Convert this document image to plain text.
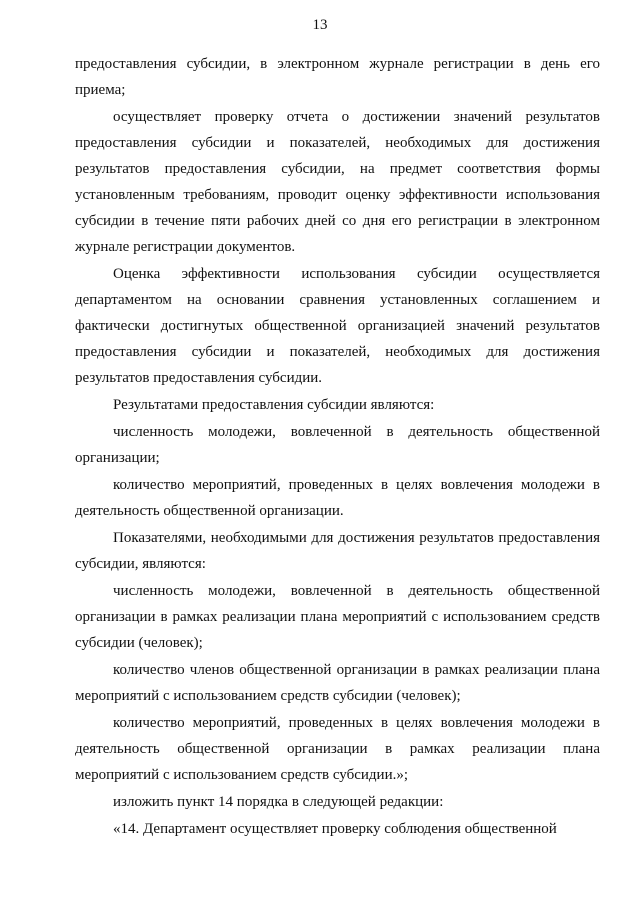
13

предоставления субсидии, в электронном журнале регистрации в день его приема;

осуществляет проверку отчета о достижении значений результатов предоставления субсидии и показателей, необходимых для достижения результатов предоставления субсидии, на предмет соответствия формы установленным требованиям, проводит оценку эффективности использования субсидии в течение пяти рабочих дней со дня его регистрации в электронном журнале регистрации документов.

Оценка эффективности использования субсидии осуществляется департаментом на основании сравнения установленных соглашением и фактически достигнутых общественной организацией значений результатов предоставления субсидии и показателей, необходимых для достижения результатов предоставления субсидии.

Результатами предоставления субсидии являются:

численность молодежи, вовлеченной в деятельность общественной организации;

количество мероприятий, проведенных в целях вовлечения молодежи в деятельность общественной организации.

Показателями, необходимыми для достижения результатов предоставления субсидии, являются:

численность молодежи, вовлеченной в деятельность общественной организации в рамках реализации плана мероприятий с использованием средств субсидии (человек);

количество членов общественной организации в рамках реализации плана мероприятий с использованием средств субсидии (человек);

количество мероприятий, проведенных в целях вовлечения молодежи в деятельность общественной организации в рамках реализации плана мероприятий с использованием средств субсидии.»;

изложить пункт 14 порядка в следующей редакции:

«14. Департамент осуществляет проверку соблюдения общественной
